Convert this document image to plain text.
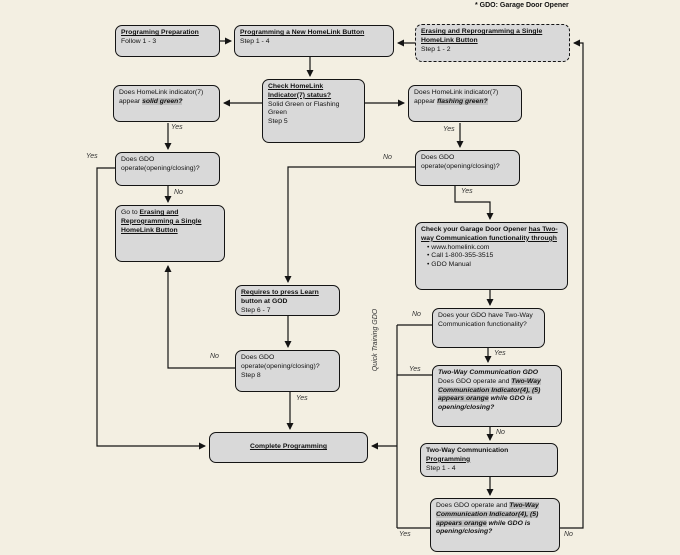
* GDO: Garage Door Opener
Quick Training GDO
Programing Preparation
Follow 1 - 3
Programming a New HomeLink Button
Step 1 - 4
Erasing and Reprogramming a Single HomeLink Button
Step 1 - 2
Check HomeLink Indicator(7) status?
Solid Green or Flashing Green
Step 5
Does HomeLink indicator(7) appear solid green?
Does HomeLink indicator(7) appear flashing green?
Does GDO operate(opening/closing)?
Go to Erasing and Reprogramming a Single HomeLink Button
Does GDO operate(opening/closing)?
Check your Garage Door Opener has Two-way Communication functionality through
• www.homelink.com
• Call 1-800-355-3515
• GDO Manual
Does your GDO have Two-Way Communication functionality?
Two-Way Communication GDO
Does GDO operate and Two-Way Communication Indicator(4), (5) appears orange while GDO is opening/closing?
Two-Way Communication Programming
Step 1 - 4
Does GDO operate and Two-Way Communication Indicator(4), (5) appears orange while GDO is opening/closing?
Requires to press Learn
button at GOD
Step 6 - 7
Does GDO operate(opening/closing)?
Step 8
Complete Programming
Yes
Yes
No
No
Yes
Yes
No
Yes
No
Yes
Yes
No
Yes	No
